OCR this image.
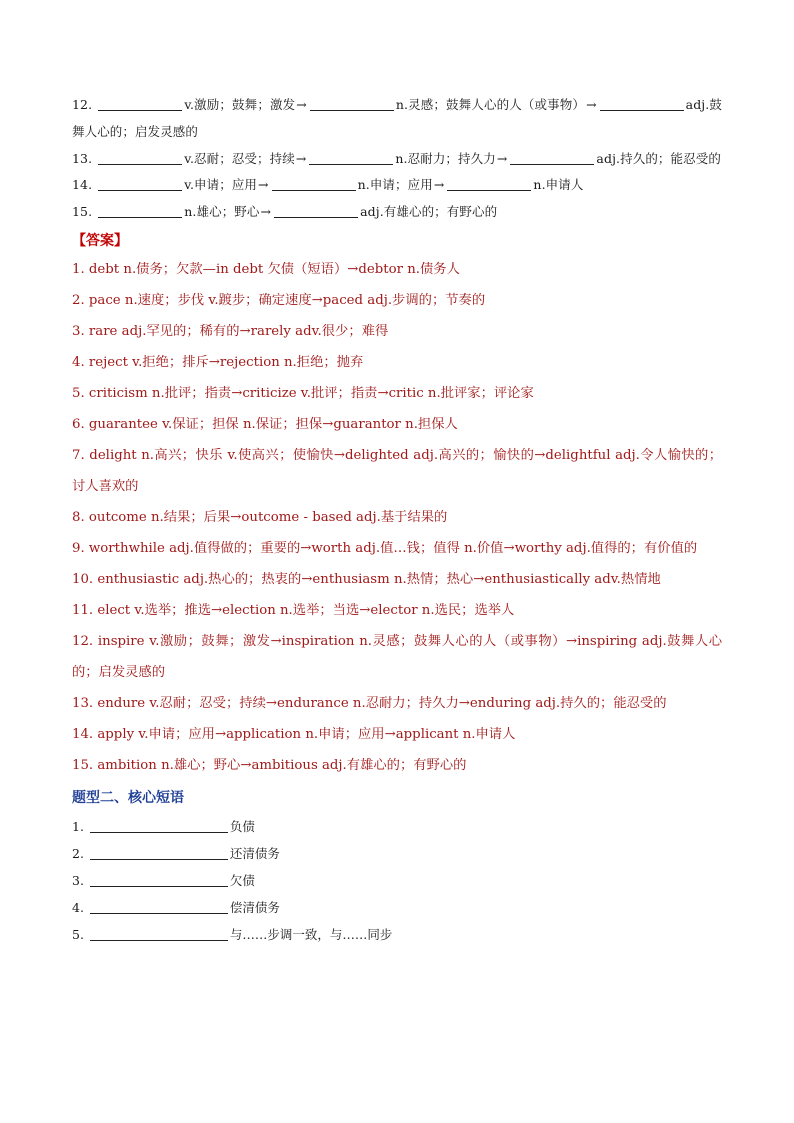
12.	v.激励；鼓舞；激发→	n.灵感；鼓舞人心的人（或事物）→	adj.鼓舞人心的；启发灵感的
13.	v.忍耐；忍受；持续→	n.忍耐力；持久力→	adj.持久的；能忍受的
14.	v.申请；应用→	n.申请；应用→	n.申请人
15.	n.雄心；野心→	adj.有雄心的；有野心的
【答案】
1. debt n.债务；欠款—in debt 欠债（短语）→debtor n.债务人
2. pace n.速度；步伐 v.踱步；确定速度→paced adj.步调的；节奏的
3. rare adj.罕见的；稀有的→rarely adv.很少；难得
4. reject v.拒绝；排斥→rejection n.拒绝；抛弃
5. criticism n.批评；指责→criticize v.批评；指责→critic n.批评家；评论家
6. guarantee v.保证；担保 n.保证；担保→guarantor n.担保人
7. delight n.高兴；快乐 v.使高兴；使愉快→delighted adj.高兴的；愉快的→delightful adj.令人愉快的；讨人喜欢的
8. outcome n.结果；后果→outcome - based adj.基于结果的
9. worthwhile adj.值得做的；重要的→worth adj.值…钱；值得 n.价值→worthy adj.值得的；有价值的
10. enthusiastic adj.热心的；热衷的→enthusiasm n.热情；热心→enthusiastically adv.热情地
11. elect v.选举；推选→election n.选举；当选→elector n.选民；选举人
12. inspire v.激励；鼓舞；激发→inspiration n.灵感；鼓舞人心的人（或事物）→inspiring adj.鼓舞人心的；启发灵感的
13. endure v.忍耐；忍受；持续→endurance n.忍耐力；持久力→enduring adj.持久的；能忍受的
14. apply v.申请；应用→application n.申请；应用→applicant n.申请人
15. ambition n.雄心；野心→ambitious adj.有雄心的；有野心的
题型二、核心短语
1.	负债
2.	还清债务
3.	欠债
4.	偿清债务
5.	与……步调一致，与……同步
